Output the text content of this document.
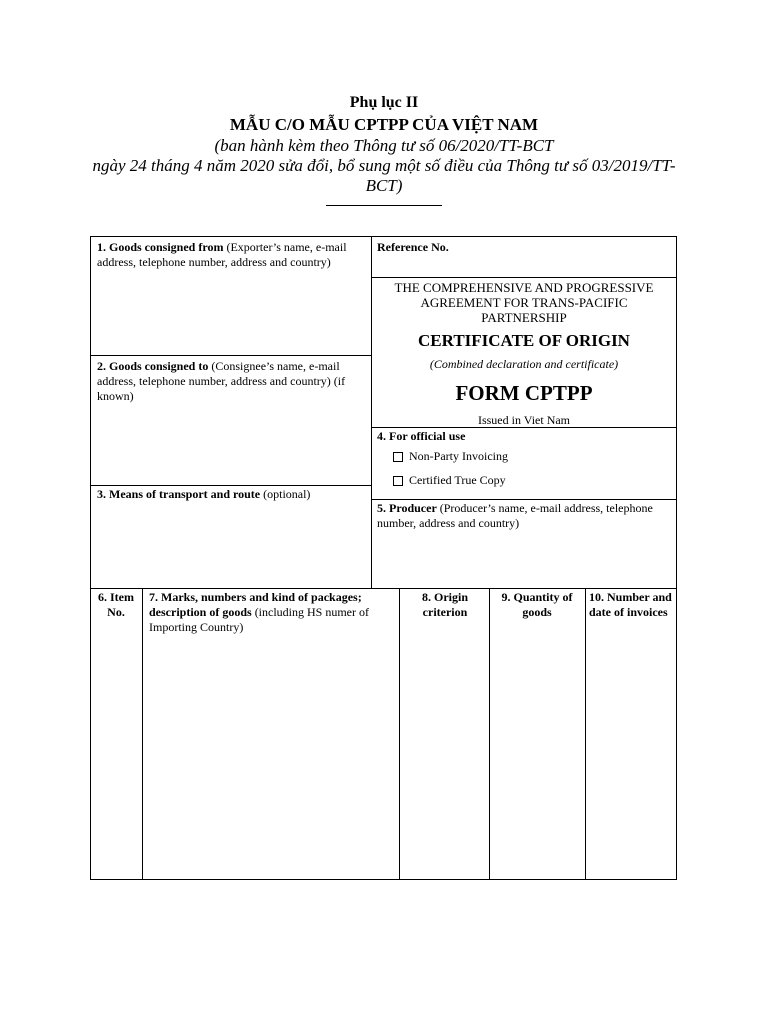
Phụ lục II
MẪU C/O MẪU CPTPP CỦA VIỆT NAM
(ban hành kèm theo Thông tư số 06/2020/TT-BCT
ngày 24 tháng 4 năm 2020 sửa đổi, bổ sung một số điều của Thông tư số 03/2019/TT-BCT)
1. Goods consigned from (Exporter’s name, e-mail address, telephone number, address and country)
2. Goods consigned to (Consignee’s name, e-mail address, telephone number, address and country) (if known)
3. Means of transport and route (optional)
Reference No.
THE COMPREHENSIVE AND PROGRESSIVE AGREEMENT FOR TRANS-PACIFIC PARTNERSHIP
CERTIFICATE OF ORIGIN
(Combined declaration and certificate)
FORM CPTPP
Issued in Viet Nam
4. For official use
Non-Party Invoicing
Certified True Copy
5. Producer (Producer’s name, e-mail address, telephone number, address and country)
6. Item No.
7. Marks, numbers and kind of packages; description of goods (including HS numer of Importing Country)
8. Origin criterion
9. Quantity of goods
10. Number and date of invoices
